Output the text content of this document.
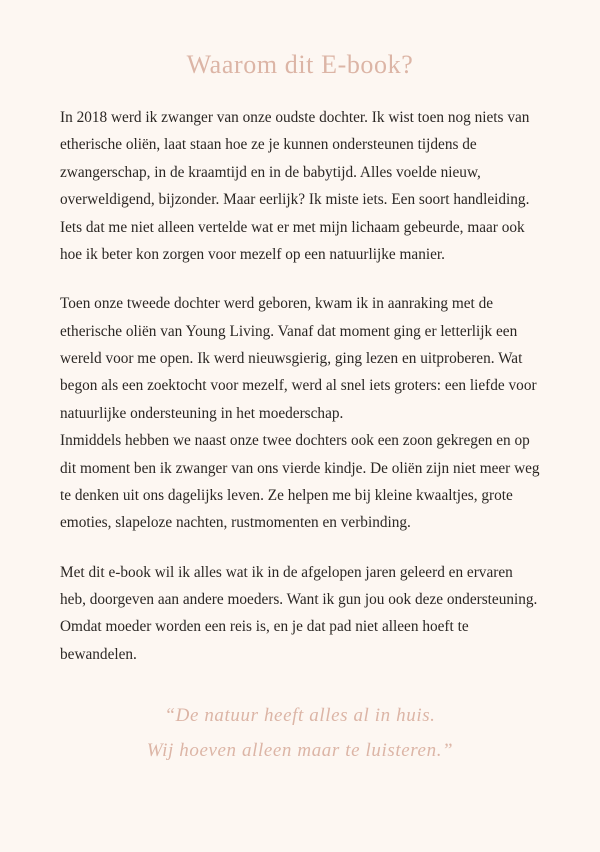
Waarom dit E-book?

In 2018 werd ik zwanger van onze oudste dochter. Ik wist toen nog niets van etherische oliën, laat staan hoe ze je kunnen ondersteunen tijdens de zwangerschap, in de kraamtijd en in de babytijd. Alles voelde nieuw, overweldigend, bijzonder. Maar eerlijk? Ik miste iets. Een soort handleiding. Iets dat me niet alleen vertelde wat er met mijn lichaam gebeurde, maar ook hoe ik beter kon zorgen voor mezelf op een natuurlijke manier.

Toen onze tweede dochter werd geboren, kwam ik in aanraking met de etherische oliën van Young Living. Vanaf dat moment ging er letterlijk een wereld voor me open. Ik werd nieuwsgierig, ging lezen en uitproberen. Wat begon als een zoektocht voor mezelf, werd al snel iets groters: een liefde voor natuurlijke ondersteuning in het moederschap.

Inmiddels hebben we naast onze twee dochters ook een zoon gekregen en op dit moment ben ik zwanger van ons vierde kindje. De oliën zijn niet meer weg te denken uit ons dagelijks leven. Ze helpen me bij kleine kwaaltjes, grote emoties, slapeloze nachten, rustmomenten en verbinding.

Met dit e-book wil ik alles wat ik in de afgelopen jaren geleerd en ervaren heb, doorgeven aan andere moeders. Want ik gun jou ook deze ondersteuning. Omdat moeder worden een reis is, en je dat pad niet alleen hoeft te bewandelen.

“De natuur heeft alles al in huis.
Wij hoeven alleen maar te luisteren.”
